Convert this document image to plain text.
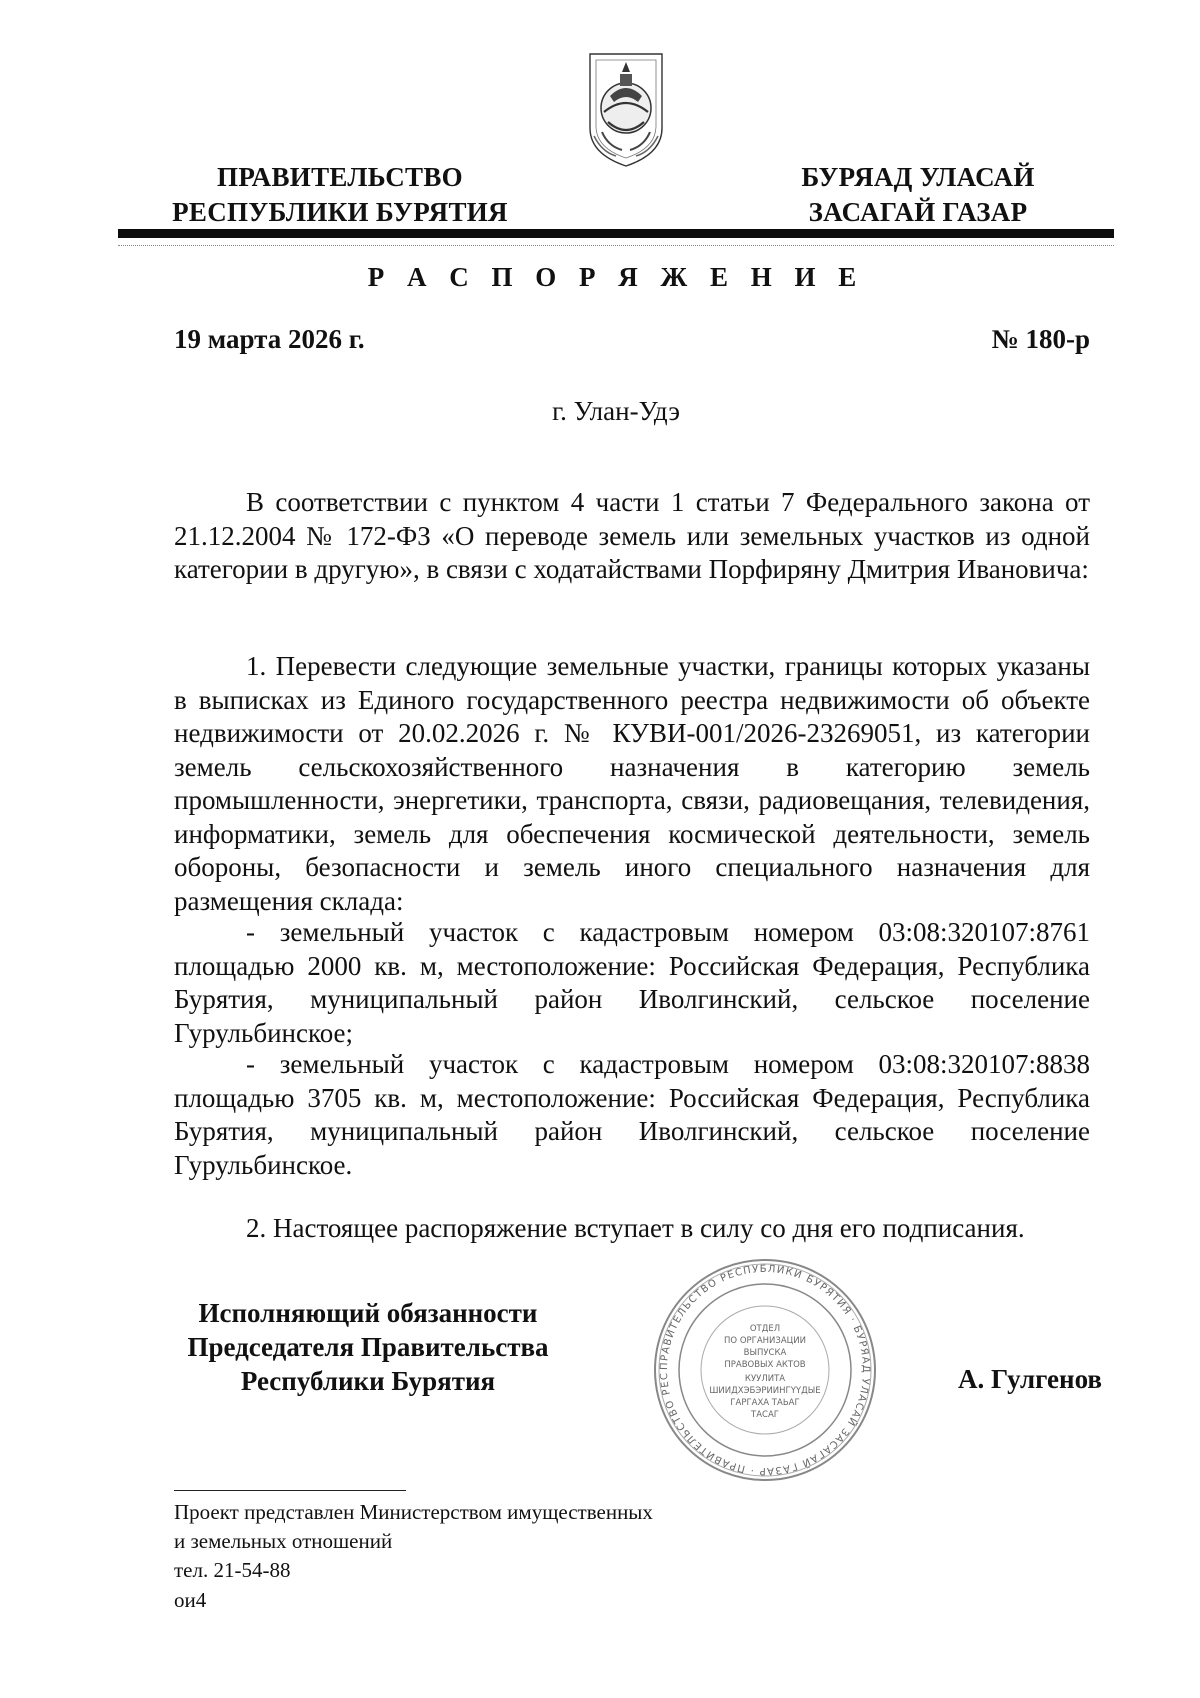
ПРАВИТЕЛЬСТВО
РЕСПУБЛИКИ БУРЯТИЯ
БУРЯАД УЛАСАЙ
ЗАСАГАЙ ГАЗАР
Р А С П О Р Я Ж Е Н И Е
19 марта 2026 г.	№ 180-р
г. Улан-Удэ
В соответствии с пунктом 4 части 1 статьи 7 Федерального закона от 21.12.2004 № 172-ФЗ «О переводе земель или земельных участков из одной категории в другую», в связи с ходатайствами Порфиряну Дмитрия Ивановича:
1. Перевести следующие земельные участки, границы которых указаны в выписках из Единого государственного реестра недвижимости об объекте недвижимости от 20.02.2026 г. № КУВИ-001/2026-23269051, из категории земель сельскохозяйственного назначения в категорию земель промышленности, энергетики, транспорта, связи, радиовещания, телевидения, информатики, земель для обеспечения космической деятельности, земель обороны, безопасности и земель иного специального назначения для размещения склада:
- земельный участок с кадастровым номером 03:08:320107:8761 площадью 2000 кв. м, местоположение: Российская Федерация, Республика Бурятия, муниципальный район Иволгинский, сельское поселение Гурульбинское;
- земельный участок с кадастровым номером 03:08:320107:8838 площадью 3705 кв. м, местоположение: Российская Федерация, Республика Бурятия, муниципальный район Иволгинский, сельское поселение Гурульбинское.
2. Настоящее распоряжение вступает в силу со дня его подписания.
Исполняющий обязанности
Председателя Правительства
Республики Бурятия
ПРАВИТЕЛЬСТВО РЕСПУБЛИКИ БУРЯТИЯ · БУРЯАД УЛАСАЙ ЗАСАГАЙ ГАЗАР · ПРАВИТЕЛЬСТВО РЕС
ОТДЕЛ
ПО ОРГАНИЗАЦИИ
ВЫПУСКА
ПРАВОВЫХ АКТОВ
КУУЛИТА
ШИИДХЭБЭРИИНГҮҮДЫЕ
ГАРГАХА ТАЬАГ
ТАСАГ
А. Гулгенов
Проект представлен Министерством имущественных
и земельных отношений
тел. 21-54-88
ои4
